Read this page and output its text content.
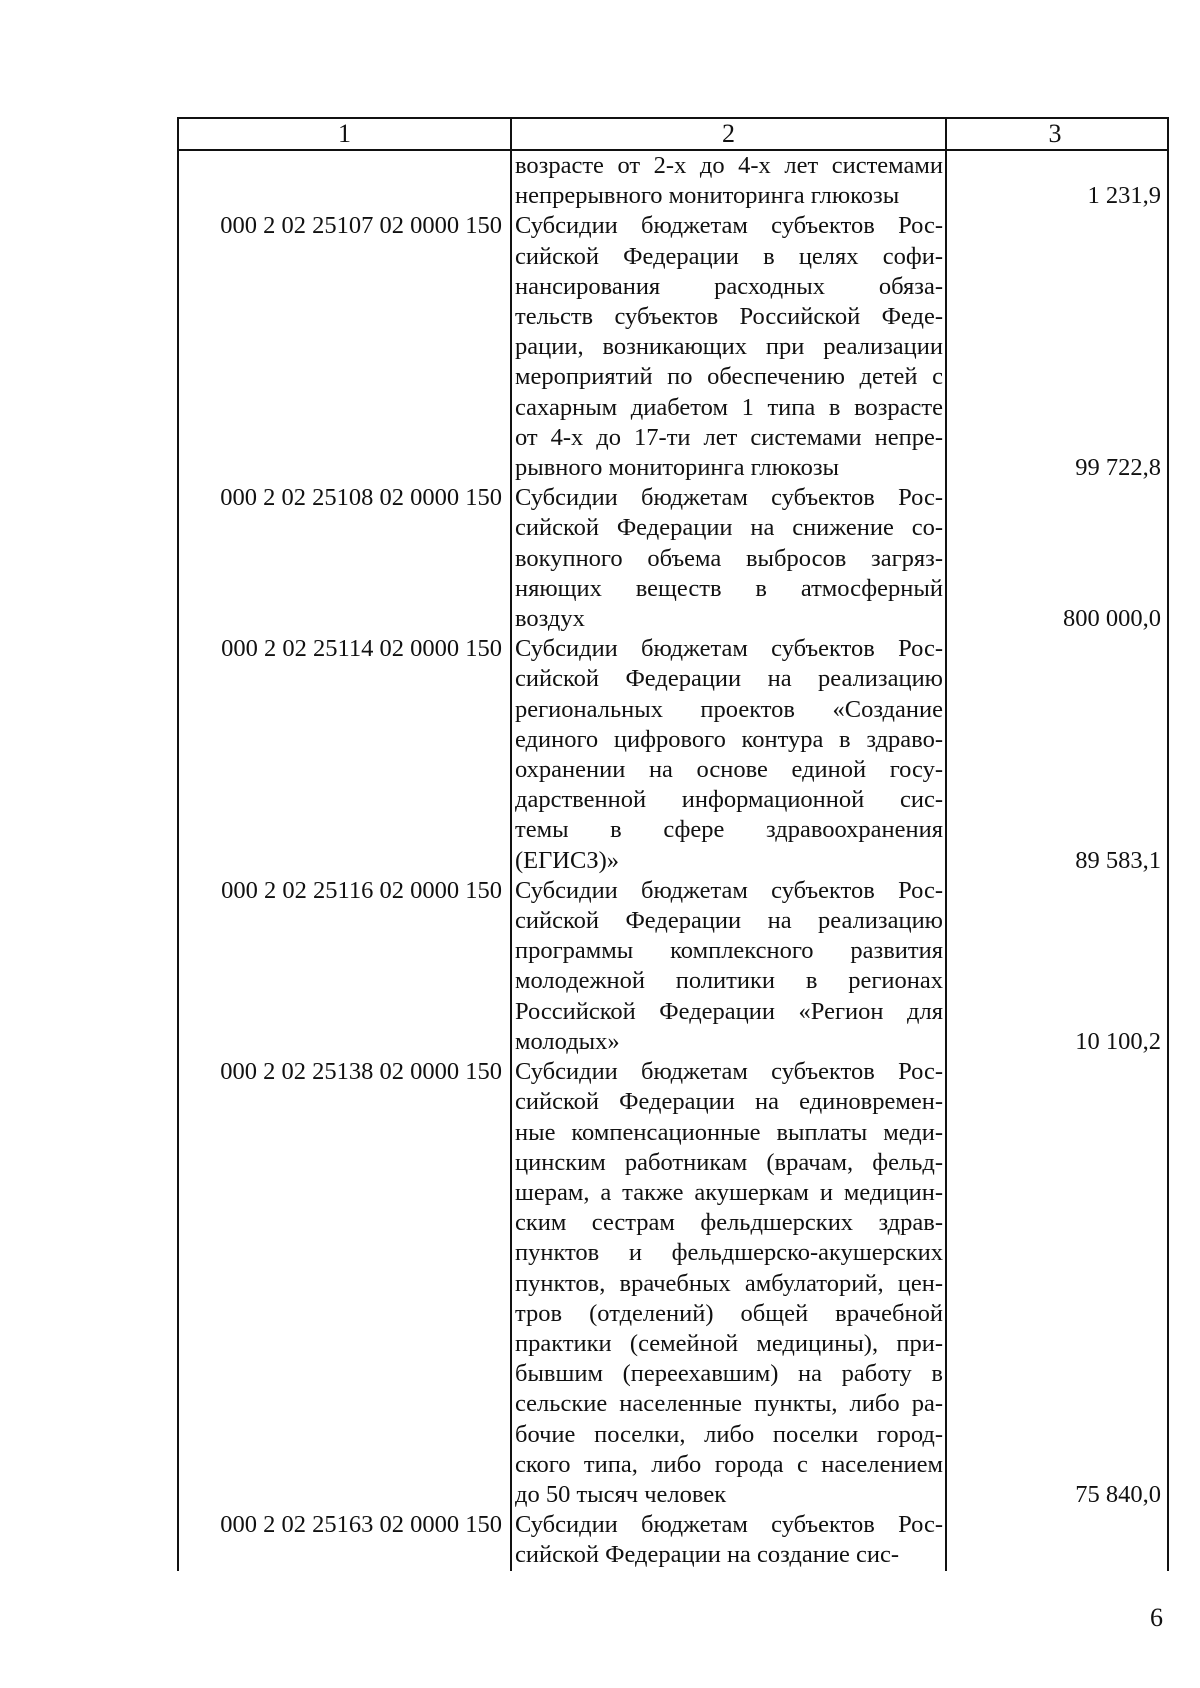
1	2	3
возрасте от 2-х до 4-х лет системами
непрерывного мониторинга глюкозы	1 231,9
000 2 02 25107 02 0000 150 Субсидии бюджетам субъектов Рос-
сийской Федерации в целях софи-
нансирования расходных обяза-
тельств субъектов Российской Феде-
рации, возникающих при реализации
мероприятий по обеспечению детей с
сахарным диабетом 1 типа в возрасте
от 4-х до 17-ти лет системами непре-
рывного мониторинга глюкозы	99 722,8
000 2 02 25108 02 0000 150 Субсидии бюджетам субъектов Рос-
сийской Федерации на снижение со-
вокупного объема выбросов загряз-
няющих веществ в атмосферный
воздух	800 000,0
000 2 02 25114 02 0000 150 Субсидии бюджетам субъектов Рос-
сийской Федерации на реализацию
региональных проектов «Создание
единого цифрового контура в здраво-
охранении на основе единой госу-
дарственной информационной сис-
темы в сфере здравоохранения
(ЕГИСЗ)»	89 583,1
000 2 02 25116 02 0000 150 Субсидии бюджетам субъектов Рос-
сийской Федерации на реализацию
программы комплексного развития
молодежной политики в регионах
Российской Федерации «Регион для
молодых»	10 100,2
000 2 02 25138 02 0000 150 Субсидии бюджетам субъектов Рос-
сийской Федерации на единовремен-
ные компенсационные выплаты меди-
цинским работникам (врачам, фельд-
шерам, а также акушеркам и медицин-
ским сестрам фельдшерских здрав-
пунктов и фельдшерско-акушерских
пунктов, врачебных амбулаторий, цен-
тров (отделений) общей врачебной
практики (семейной медицины), при-
бывшим (переехавшим) на работу в
сельские населенные пункты, либо ра-
бочие поселки, либо поселки город-
ского типа, либо города с населением
до 50 тысяч человек	75 840,0
000 2 02 25163 02 0000 150 Субсидии бюджетам субъектов Рос-
сийской Федерации на создание сис-
6
